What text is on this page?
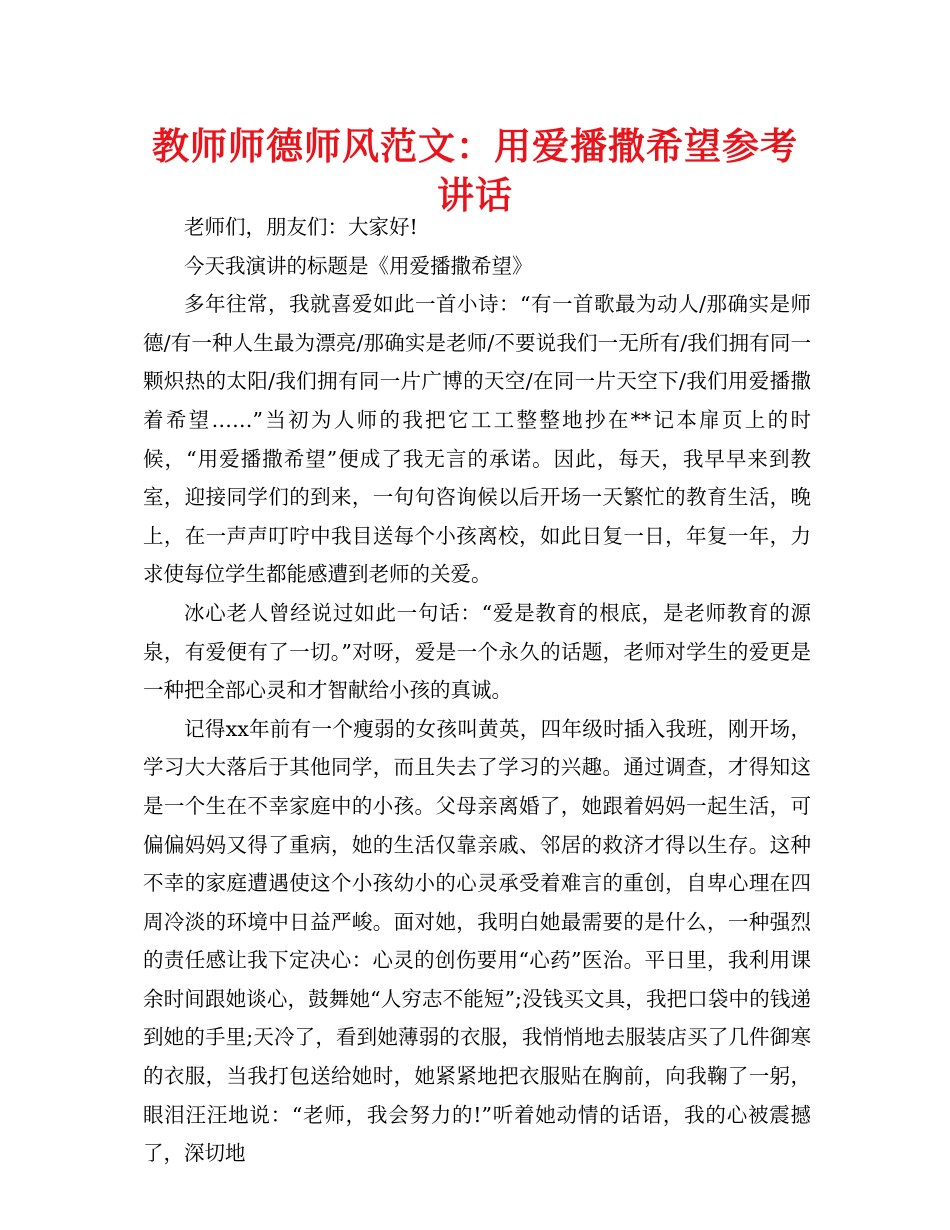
教师师德师风范文：用爱播撒希望参考讲话

老师们，朋友们：大家好!

今天我演讲的标题是《用爱播撒希望》

多年往常，我就喜爱如此一首小诗：“有一首歌最为动人/那确实是师德/有一种人生最为漂亮/那确实是老师/不要说我们一无所有/我们拥有同一颗炽热的太阳/我们拥有同一片广博的天空/在同一片天空下/我们用爱播撒着希望……”当初为人师的我把它工工整整地抄在**记本扉页上的时候，“用爱播撒希望”便成了我无言的承诺。因此，每天，我早早来到教室，迎接同学们的到来，一句句咨询候以后开场一天繁忙的教育生活，晚上，在一声声叮咛中我目送每个小孩离校，如此日复一日，年复一年，力求使每位学生都能感遭到老师的关爱。

冰心老人曾经说过如此一句话：“爱是教育的根底，是老师教育的源泉，有爱便有了一切。”对呀，爱是一个永久的话题，老师对学生的爱更是一种把全部心灵和才智献给小孩的真诚。

记得xx年前有一个瘦弱的女孩叫黄英，四年级时插入我班，刚开场，学习大大落后于其他同学，而且失去了学习的兴趣。通过调查，才得知这是一个生在不幸家庭中的小孩。父母亲离婚了，她跟着妈妈一起生活，可偏偏妈妈又得了重病，她的生活仅靠亲戚、邻居的救济才得以生存。这种不幸的家庭遭遇使这个小孩幼小的心灵承受着难言的重创，自卑心理在四周冷淡的环境中日益严峻。面对她，我明白她最需要的是什么，一种强烈的责任感让我下定决心：心灵的创伤要用“心药”医治。平日里，我利用课余时间跟她谈心，鼓舞她“人穷志不能短”;没钱买文具，我把口袋中的钱递到她的手里;天冷了，看到她薄弱的衣服，我悄悄地去服装店买了几件御寒的衣服，当我打包送给她时，她紧紧地把衣服贴在胸前，向我鞠了一躬，眼泪汪汪地说：“老师，我会努力的!”听着她动情的话语，我的心被震撼了，深切地
